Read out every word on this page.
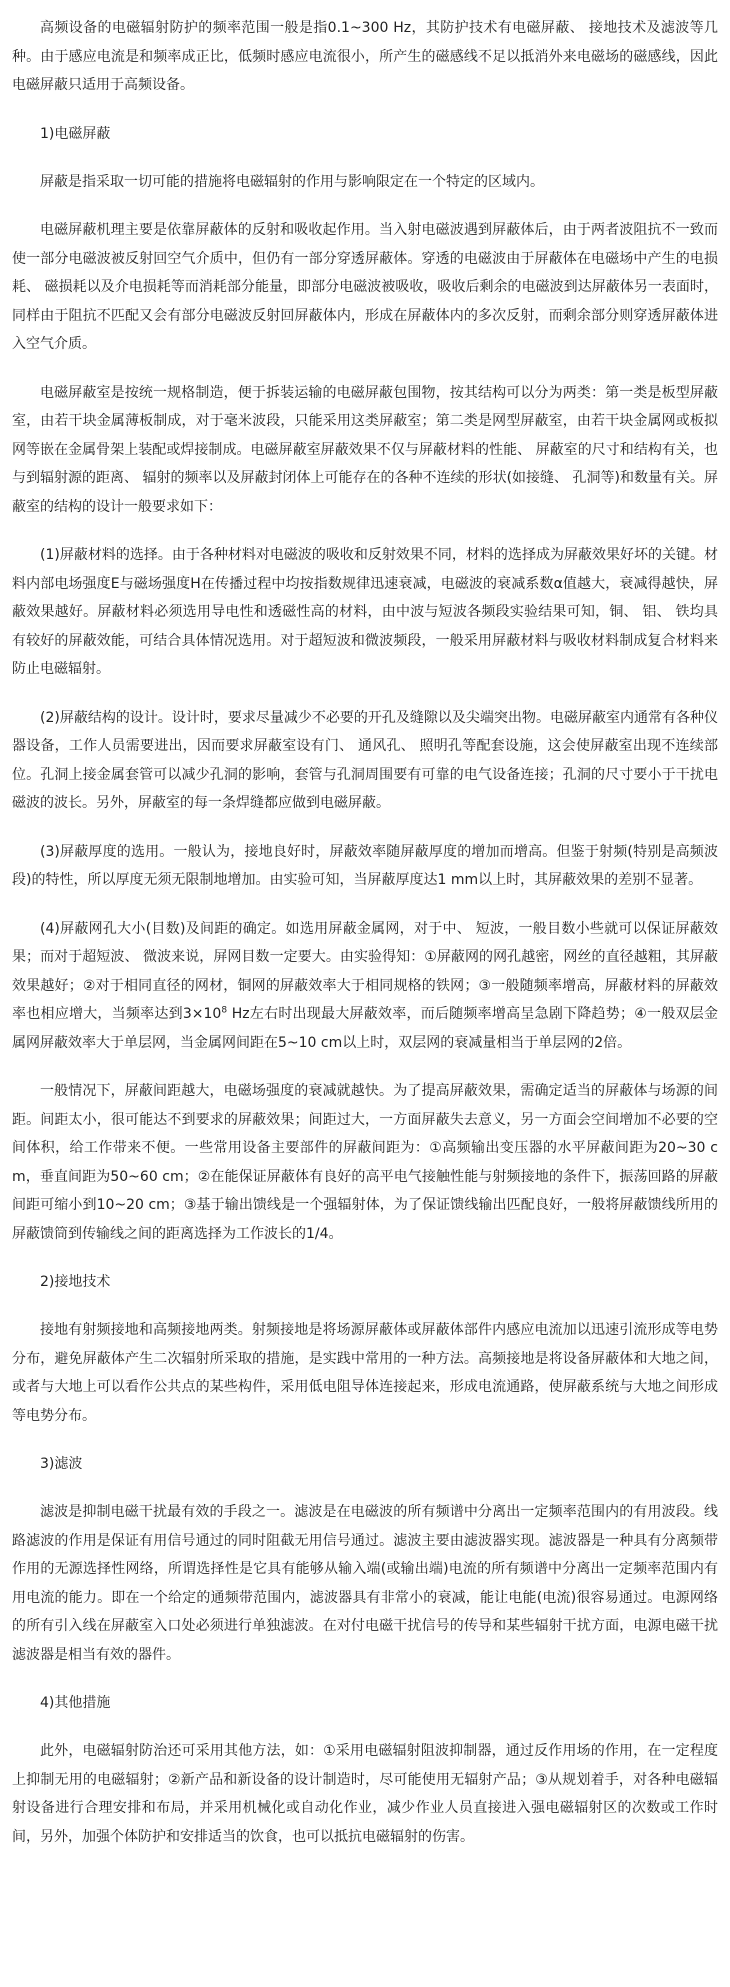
高频设备的电磁辐射防护的频率范围一般是指0.1~300 Hz，其防护技术有电磁屏蔽、 接地技术及滤波等几种。由于感应电流是和频率成正比，低频时感应电流很小，所产生的磁感线不足以抵消外来电磁场的磁感线，因此电磁屏蔽只适用于高频设备。

1)电磁屏蔽

屏蔽是指采取一切可能的措施将电磁辐射的作用与影响限定在一个特定的区域内。

电磁屏蔽机理主要是依靠屏蔽体的反射和吸收起作用。当入射电磁波遇到屏蔽体后，由于两者波阻抗不一致而使一部分电磁波被反射回空气介质中，但仍有一部分穿透屏蔽体。穿透的电磁波由于屏蔽体在电磁场中产生的电损耗、 磁损耗以及介电损耗等而消耗部分能量，即部分电磁波被吸收，吸收后剩余的电磁波到达屏蔽体另一表面时，同样由于阻抗不匹配又会有部分电磁波反射回屏蔽体内，形成在屏蔽体内的多次反射，而剩余部分则穿透屏蔽体进入空气介质。

电磁屏蔽室是按统一规格制造，便于拆装运输的电磁屏蔽包围物，按其结构可以分为两类：第一类是板型屏蔽室，由若干块金属薄板制成，对于毫米波段，只能采用这类屏蔽室；第二类是网型屏蔽室，由若干块金属网或板拟网等嵌在金属骨架上装配或焊接制成。电磁屏蔽室屏蔽效果不仅与屏蔽材料的性能、 屏蔽室的尺寸和结构有关，也与到辐射源的距离、 辐射的频率以及屏蔽封闭体上可能存在的各种不连续的形状(如接缝、 孔洞等)和数量有关。屏蔽室的结构的设计一般要求如下：

(1)屏蔽材料的选择。由于各种材料对电磁波的吸收和反射效果不同，材料的选择成为屏蔽效果好坏的关键。材料内部电场强度E与磁场强度H在传播过程中均按指数规律迅速衰减，电磁波的衰减系数α值越大，衰减得越快，屏蔽效果越好。屏蔽材料必须选用导电性和透磁性高的材料，由中波与短波各频段实验结果可知，铜、 铝、 铁均具有较好的屏蔽效能，可结合具体情况选用。对于超短波和微波频段，一般采用屏蔽材料与吸收材料制成复合材料来防止电磁辐射。

(2)屏蔽结构的设计。设计时，要求尽量减少不必要的开孔及缝隙以及尖端突出物。电磁屏蔽室内通常有各种仪器设备，工作人员需要进出，因而要求屏蔽室设有门、 通风孔、 照明孔等配套设施，这会使屏蔽室出现不连续部位。孔洞上接金属套管可以减少孔洞的影响，套管与孔洞周围要有可靠的电气设备连接；孔洞的尺寸要小于干扰电磁波的波长。另外，屏蔽室的每一条焊缝都应做到电磁屏蔽。

(3)屏蔽厚度的选用。一般认为，接地良好时，屏蔽效率随屏蔽厚度的增加而增高。但鉴于射频(特别是高频波段)的特性，所以厚度无须无限制地增加。由实验可知，当屏蔽厚度达1 mm以上时，其屏蔽效果的差别不显著。

(4)屏蔽网孔大小(目数)及间距的确定。如选用屏蔽金属网，对于中、 短波，一般目数小些就可以保证屏蔽效果；而对于超短波、 微波来说，屏网目数一定要大。由实验得知：①屏蔽网的网孔越密，网丝的直径越粗，其屏蔽效果越好；②对于相同直径的网材，铜网的屏蔽效率大于相同规格的铁网；③一般随频率增高，屏蔽材料的屏蔽效率也相应增大，当频率达到$3\times 10^8$ Hz左右时出现最大屏蔽效率，而后随频率增高呈急剧下降趋势；④一般双层金属网屏蔽效率大于单层网，当金属网间距在5~10 cm以上时，双层网的衰减量相当于单层网的2倍。

一般情况下，屏蔽间距越大，电磁场强度的衰减就越快。为了提高屏蔽效果，需确定适当的屏蔽体与场源的间距。间距太小，很可能达不到要求的屏蔽效果；间距过大，一方面屏蔽失去意义，另一方面会空间增加不必要的空间体积，给工作带来不便。一些常用设备主要部件的屏蔽间距为：①高频输出变压器的水平屏蔽间距为20~30 cm，垂直间距为50~60 cm；②在能保证屏蔽体有良好的高平电气接触性能与射频接地的条件下，振荡回路的屏蔽间距可缩小到10~20 cm；③基于输出馈线是一个强辐射体，为了保证馈线输出匹配良好，一般将屏蔽馈线所用的屏蔽馈筒到传输线之间的距离选择为工作波长的1/4。

2)接地技术

接地有射频接地和高频接地两类。射频接地是将场源屏蔽体或屏蔽体部件内感应电流加以迅速引流形成等电势分布，避免屏蔽体产生二次辐射所采取的措施，是实践中常用的一种方法。高频接地是将设备屏蔽体和大地之间，或者与大地上可以看作公共点的某些构件，采用低电阻导体连接起来，形成电流通路，使屏蔽系统与大地之间形成等电势分布。

3)滤波

滤波是抑制电磁干扰最有效的手段之一。滤波是在电磁波的所有频谱中分离出一定频率范围内的有用波段。线路滤波的作用是保证有用信号通过的同时阻截无用信号通过。滤波主要由滤波器实现。滤波器是一种具有分离频带作用的无源选择性网络，所谓选择性是它具有能够从输入端(或输出端)电流的所有频谱中分离出一定频率范围内有用电流的能力。即在一个给定的通频带范围内，滤波器具有非常小的衰减，能让电能(电流)很容易通过。电源网络的所有引入线在屏蔽室入口处必须进行单独滤波。在对付电磁干扰信号的传导和某些辐射干扰方面，电源电磁干扰滤波器是相当有效的器件。

4)其他措施

此外，电磁辐射防治还可采用其他方法，如：①采用电磁辐射阻波抑制器，通过反作用场的作用，在一定程度上抑制无用的电磁辐射；②新产品和新设备的设计制造时，尽可能使用无辐射产品；③从规划着手，对各种电磁辐射设备进行合理安排和布局，并采用机械化或自动化作业，减少作业人员直接进入强电磁辐射区的次数或工作时间，另外，加强个体防护和安排适当的饮食，也可以抵抗电磁辐射的伤害。
